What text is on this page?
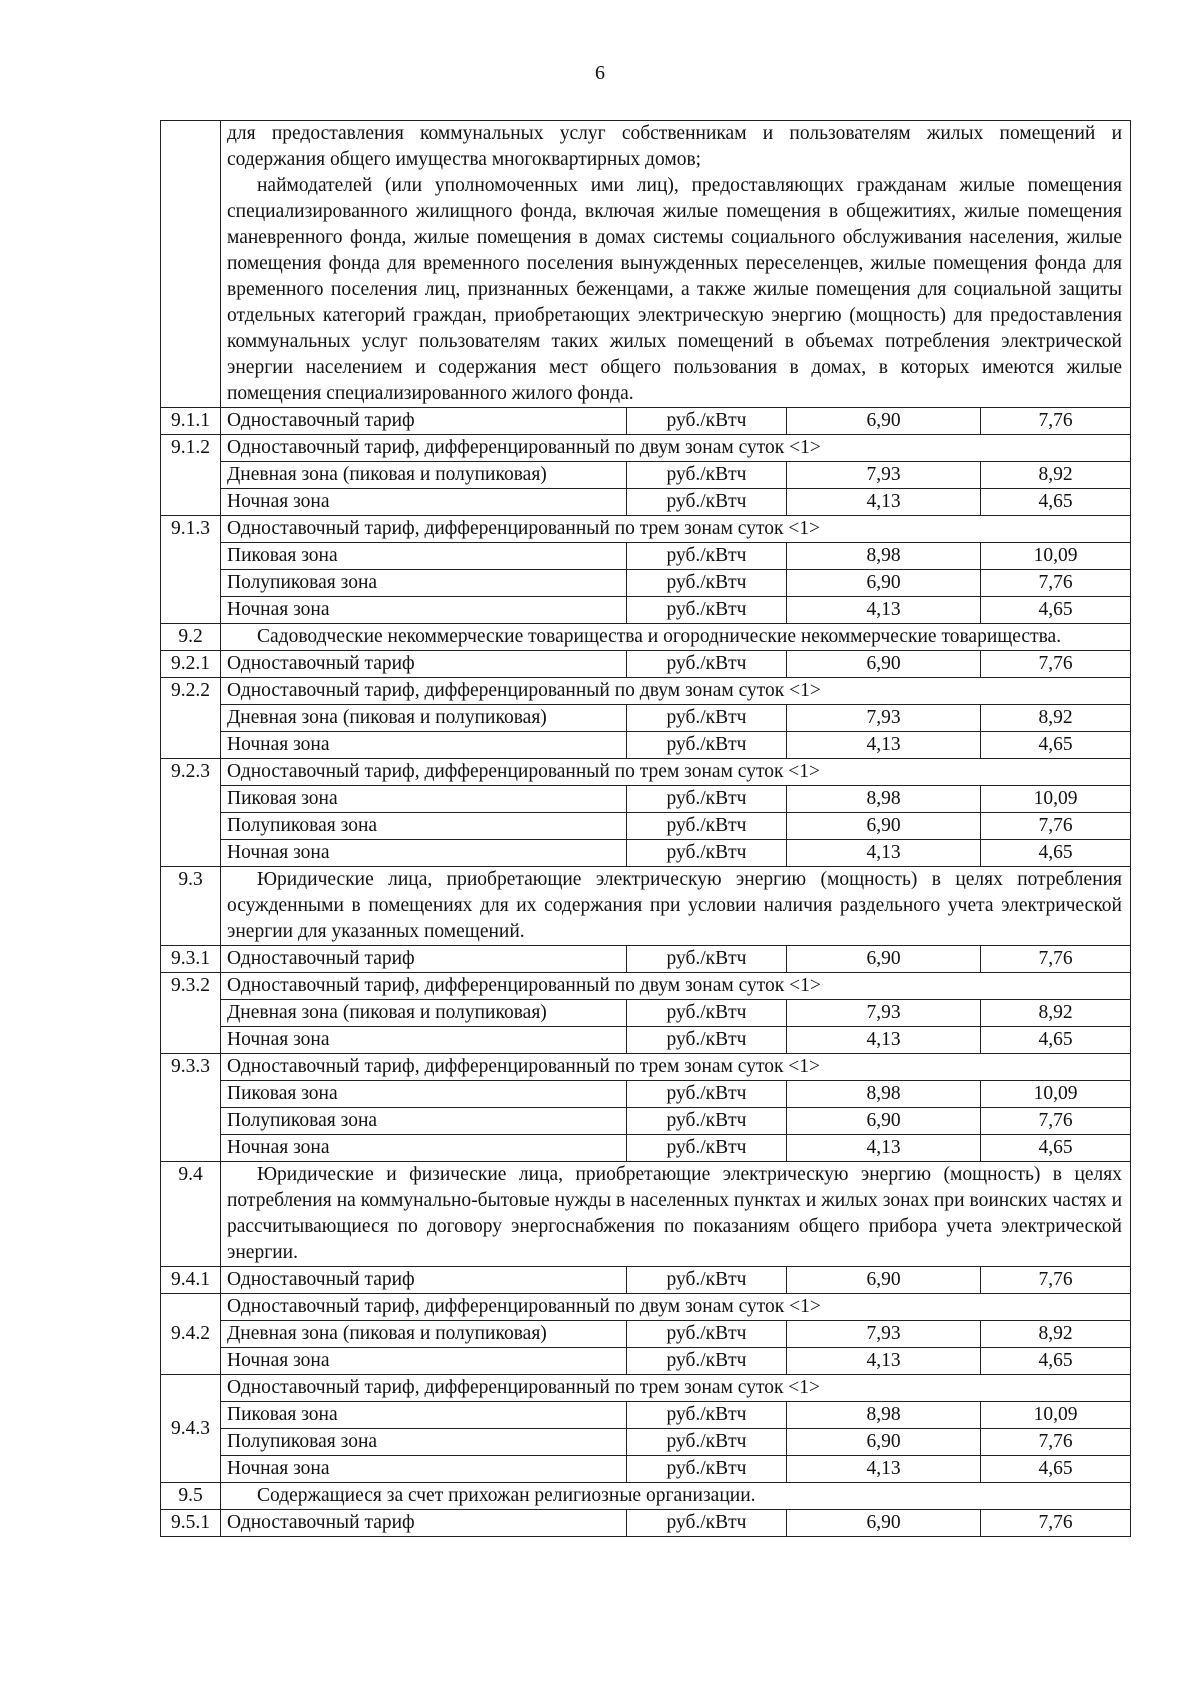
6

	для предоставления коммунальных услуг собственникам и пользователям жилых помещений и содержания общего имущества многоквартирных домов;
наймодателей (или уполномоченных ими лиц), предоставляющих гражданам жилые помещения специализированного жилищного фонда, включая жилые помещения в общежитиях, жилые помещения маневренного фонда, жилые помещения в домах системы социального обслуживания населения, жилые помещения фонда для временного поселения вынужденных переселенцев, жилые помещения фонда для временного поселения лиц, признанных беженцами, а также жилые помещения для социальной защиты отдельных категорий граждан, приобретающих электрическую энергию (мощность) для предоставления коммунальных услуг пользователям таких жилых помещений в объемах потребления электрической энергии населением и содержания мест общего пользования в домах, в которых имеются жилые помещения специализированного жилого фонда.			

9.1.1	Одноставочный тариф	руб./кВтч	6,90	7,76
9.1.2	Одноставочный тариф, дифференцированный по двум зонам суток <1>			
	Дневная зона (пиковая и полупиковая)	руб./кВтч	7,93	8,92
	Ночная зона	руб./кВтч	4,13	4,65
9.1.3	Одноставочный тариф, дифференцированный по трем зонам суток <1>			
	Пиковая зона	руб./кВтч	8,98	10,09
	Полупиковая зона	руб./кВтч	6,90	7,76
	Ночная зона	руб./кВтч	4,13	4,65
9.2	Садоводческие некоммерческие товарищества и огороднические некоммерческие товарищества.			

9.2.1	Одноставочный тариф	руб./кВтч	6,90	7,76
9.2.2	Одноставочный тариф, дифференцированный по двум зонам суток <1>			
	Дневная зона (пиковая и полупиковая)	руб./кВтч	7,93	8,92
	Ночная зона	руб./кВтч	4,13	4,65
9.2.3	Одноставочный тариф, дифференцированный по трем зонам суток <1>			
	Пиковая зона	руб./кВтч	8,98	10,09
	Полупиковая зона	руб./кВтч	6,90	7,76
	Ночная зона	руб./кВтч	4,13	4,65
9.3	Юридические лица, приобретающие электрическую энергию (мощность) в целях потребления осужденными в помещениях для их содержания при условии наличия раздельного учета электрической энергии для указанных помещений.			

9.3.1	Одноставочный тариф	руб./кВтч	6,90	7,76
9.3.2	Одноставочный тариф, дифференцированный по двум зонам суток <1>			
	Дневная зона (пиковая и полупиковая)	руб./кВтч	7,93	8,92
	Ночная зона	руб./кВтч	4,13	4,65
9.3.3	Одноставочный тариф, дифференцированный по трем зонам суток <1>			
	Пиковая зона	руб./кВтч	8,98	10,09
	Полупиковая зона	руб./кВтч	6,90	7,76
	Ночная зона	руб./кВтч	4,13	4,65
9.4	Юридические и физические лица, приобретающие электрическую энергию (мощность) в целях потребления на коммунально-бытовые нужды в населенных пунктах и жилых зонах при воинских частях и рассчитывающиеся по договору энергоснабжения по показаниям общего прибора учета электрической энергии.			

9.4.1	Одноставочный тариф	руб./кВтч	6,90	7,76
9.4.2	Одноставочный тариф, дифференцированный по двум зонам суток <1>			
	Дневная зона (пиковая и полупиковая)	руб./кВтч	7,93	8,92
	Ночная зона	руб./кВтч	4,13	4,65
9.4.3	Одноставочный тариф, дифференцированный по трем зонам суток <1>			
	Пиковая зона	руб./кВтч	8,98	10,09
	Полупиковая зона	руб./кВтч	6,90	7,76
	Ночная зона	руб./кВтч	4,13	4,65
9.5	Содержащиеся за счет прихожан религиозные организации.			

9.5.1	Одноставочный тариф	руб./кВтч	6,90	7,76
